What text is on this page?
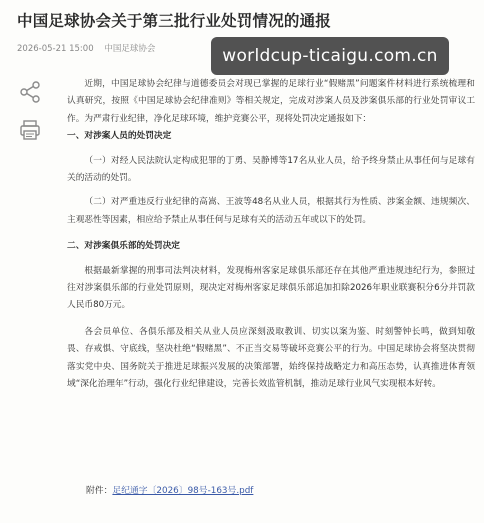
中国足球协会关于第三批行业处罚情况的通报
2026-05-21 15:00 中国足球协会	worldcup-ticaigu.com.cn

近期，中国足球协会纪律与道德委员会对现已掌握的足球行业“假赌黑”问题案件材料进行系统梳理和认真研究，按照《中国足球协会纪律准则》等相关规定，完成对涉案人员及涉案俱乐部的行业处罚审议工作。为严肃行业纪律，净化足球环境，维护竞赛公平，现将处罚决定通报如下：

一、对涉案人员的处罚决定

（一）对经人民法院认定构成犯罪的丁勇、吴静博等17名从业人员，给予终身禁止从事任何与足球有关的活动的处罚。

（二）对严重违反行业纪律的高嵩、王波等48名从业人员，根据其行为性质、涉案金额、违规频次、主观恶性等因素，相应给予禁止从事任何与足球有关的活动五年或以下的处罚。

二、对涉案俱乐部的处罚决定

根据最新掌握的刑事司法判决材料，发现梅州客家足球俱乐部还存在其他严重违规违纪行为，参照过往对涉案俱乐部的行业处罚原则，现决定对梅州客家足球俱乐部追加扣除2026年职业联赛积分6分并罚款人民币80万元。

各会员单位、各俱乐部及相关从业人员应深刻汲取教训、切实以案为鉴、时刻警钟长鸣，做到知敬畏、存戒惧、守底线，坚决杜绝“假赌黑”、不正当交易等破坏竞赛公平的行为。中国足球协会将坚决贯彻落实党中央、国务院关于推进足球振兴发展的决策部署，始终保持战略定力和高压态势，认真推进体育领域“深化治理年”行动，强化行业纪律建设，完善长效监管机制，推动足球行业风气实现根本好转。

附件：足纪通字〔2026〕98号-163号.pdf
